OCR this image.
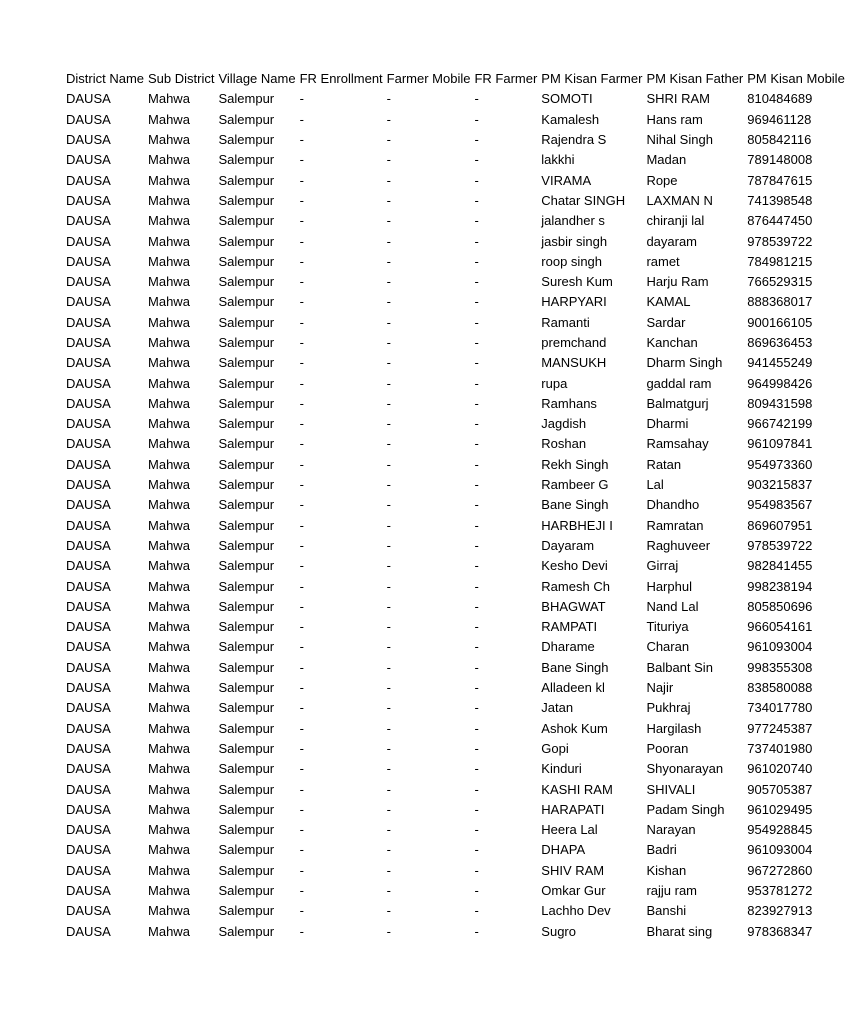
District Name	Sub District	Village Name	FR Enrollment	Farmer Mobile	FR Farmer	PM Kisan Farmer	PM Kisan Father	PM Kisan Mobile
DAUSA	Mahwa	Salempur	-	-	-	SOMOTI	SHRI RAM	810484689
DAUSA	Mahwa	Salempur	-	-	-	Kamalesh	Hans ram	969461128
DAUSA	Mahwa	Salempur	-	-	-	Rajendra S	Nihal Singh	805842116
DAUSA	Mahwa	Salempur	-	-	-	lakkhi	Madan	789148008
DAUSA	Mahwa	Salempur	-	-	-	VIRAMA	Rope	787847615
DAUSA	Mahwa	Salempur	-	-	-	Chatar SINGH	LAXMAN N	741398548
DAUSA	Mahwa	Salempur	-	-	-	jalandher s	chiranji lal	876447450
DAUSA	Mahwa	Salempur	-	-	-	jasbir singh	dayaram	978539722
DAUSA	Mahwa	Salempur	-	-	-	roop singh	ramet	784981215
DAUSA	Mahwa	Salempur	-	-	-	Suresh Kum	Harju Ram	766529315
DAUSA	Mahwa	Salempur	-	-	-	HARPYARI	KAMAL	888368017
DAUSA	Mahwa	Salempur	-	-	-	Ramanti	Sardar	900166105
DAUSA	Mahwa	Salempur	-	-	-	premchand	Kanchan	869636453
DAUSA	Mahwa	Salempur	-	-	-	MANSUKH	Dharm Singh	941455249
DAUSA	Mahwa	Salempur	-	-	-	rupa	gaddal ram	964998426
DAUSA	Mahwa	Salempur	-	-	-	Ramhans	Balmatgurj	809431598
DAUSA	Mahwa	Salempur	-	-	-	Jagdish	Dharmi	966742199
DAUSA	Mahwa	Salempur	-	-	-	Roshan	Ramsahay	961097841
DAUSA	Mahwa	Salempur	-	-	-	Rekh Singh	Ratan	954973360
DAUSA	Mahwa	Salempur	-	-	-	Rambeer G	Lal	903215837
DAUSA	Mahwa	Salempur	-	-	-	Bane Singh	Dhandho	954983567
DAUSA	Mahwa	Salempur	-	-	-	HARBHEJI I	Ramratan	869607951
DAUSA	Mahwa	Salempur	-	-	-	Dayaram	Raghuveer	978539722
DAUSA	Mahwa	Salempur	-	-	-	Kesho Devi	Girraj	982841455
DAUSA	Mahwa	Salempur	-	-	-	Ramesh Ch	Harphul	998238194
DAUSA	Mahwa	Salempur	-	-	-	BHAGWAT	Nand Lal	805850696
DAUSA	Mahwa	Salempur	-	-	-	RAMPATI	Tituriya	966054161
DAUSA	Mahwa	Salempur	-	-	-	Dharame	Charan	961093004
DAUSA	Mahwa	Salempur	-	-	-	Bane Singh	Balbant Sin	998355308
DAUSA	Mahwa	Salempur	-	-	-	Alladeen kl	Najir	838580088
DAUSA	Mahwa	Salempur	-	-	-	Jatan	Pukhraj	734017780
DAUSA	Mahwa	Salempur	-	-	-	Ashok Kum	Hargilash	977245387
DAUSA	Mahwa	Salempur	-	-	-	Gopi	Pooran	737401980
DAUSA	Mahwa	Salempur	-	-	-	Kinduri	Shyonarayan	961020740
DAUSA	Mahwa	Salempur	-	-	-	KASHI RAM	SHIVALI	905705387
DAUSA	Mahwa	Salempur	-	-	-	HARAPATI	Padam Singh	961029495
DAUSA	Mahwa	Salempur	-	-	-	Heera Lal	Narayan	954928845
DAUSA	Mahwa	Salempur	-	-	-	DHAPA	Badri	961093004
DAUSA	Mahwa	Salempur	-	-	-	SHIV RAM	Kishan	967272860
DAUSA	Mahwa	Salempur	-	-	-	Omkar Gur	rajju ram	953781272
DAUSA	Mahwa	Salempur	-	-	-	Lachho Dev	Banshi	823927913
DAUSA	Mahwa	Salempur	-	-	-	Sugro	Bharat sing	978368347
